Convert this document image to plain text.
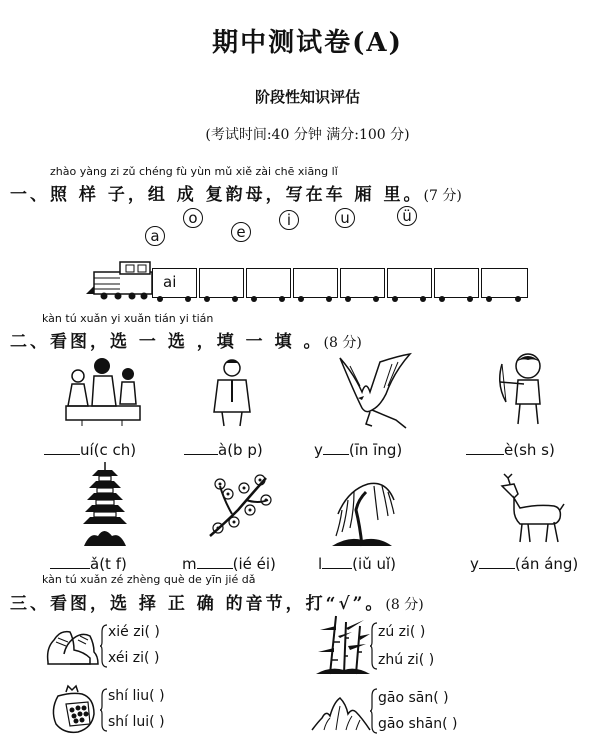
期中测试卷(A)
阶段性知识评估
(考试时间:40 分钟 满分:100 分)
zhào yàng zi zǔ chéng fù yùn mǔ xiě zài chē xiāng lǐ
一、照 样 子，组 成 复韵母，写在车 厢 里。(7 分)
a
o
e
i	u	ü
ai
kàn tú xuǎn yi xuǎn tián yi tián
二、看图，选 一 选 ，填 一 填 。(8 分)
uí(c ch)	à(b p)	y (īn īng)	è(sh s)
ǎ(t f)	m (ié éi)	l (iǔ uǐ)	y (án áng)
kàn tú xuǎn zé zhèng què de yīn jié dǎ
三、看图，选 择 正 确 的音节，打“√”。(8 分)
xié zi( )
xéi zi( )
zú zi( )
zhú zi( )
shí liu( )
shí lui( )
gāo sān( )
gāo shān( )
